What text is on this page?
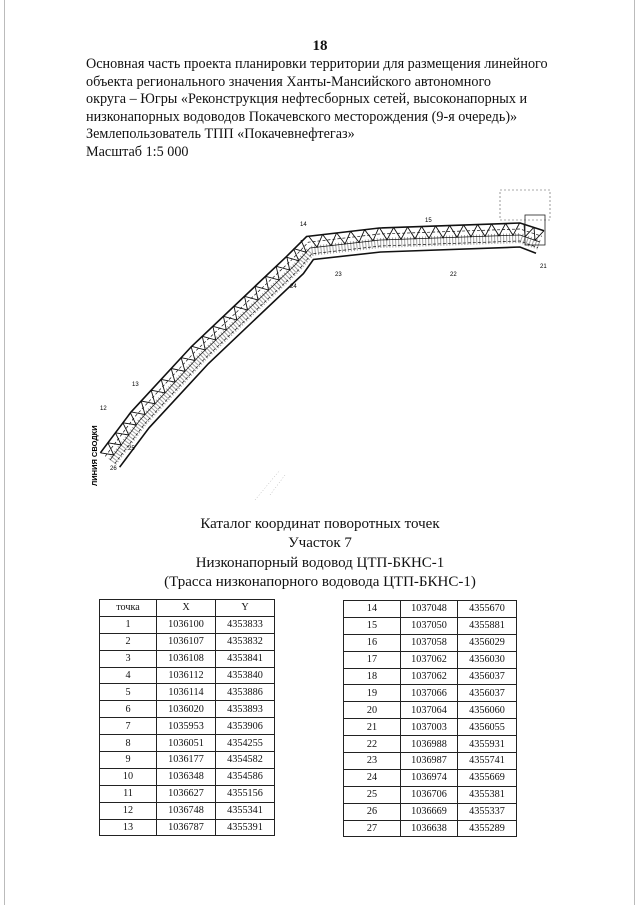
18
Основная часть проекта планировки территории для размещения линейного
объекта регионального значения Ханты-Мансийского автономного
округа – Югры «Реконструкция нефтесборных сетей, высоконапорных и
низконапорных водоводов Покачевского месторождения (9-я очередь)»
Землепользователь ТПП «Покачевнефтегаз»
Масштаб 1:5 000
13
12
25
26
14
15
24
23	22
21
ЛИНИЯ СВОДКИ
Каталог координат поворотных точек
Участок 7
Низконапорный водовод ЦТП-БКНС-1
(Трасса низконапорного водовода ЦТП-БКНС-1)
точка	X	Y
1	1036100	4353833
2	1036107	4353832
3	1036108	4353841
4	1036112	4353840
5	1036114	4353886
6	1036020	4353893
7	1035953	4353906
8	1036051	4354255
9	1036177	4354582
10	1036348	4354586
11	1036627	4355156
12	1036748	4355341
13	1036787	4355391
14	1037048	4355670
15	1037050	4355881
16	1037058	4356029
17	1037062	4356030
18	1037062	4356037
19	1037066	4356037
20	1037064	4356060
21	1037003	4356055
22	1036988	4355931
23	1036987	4355741
24	1036974	4355669
25	1036706	4355381
26	1036669	4355337
27	1036638	4355289
